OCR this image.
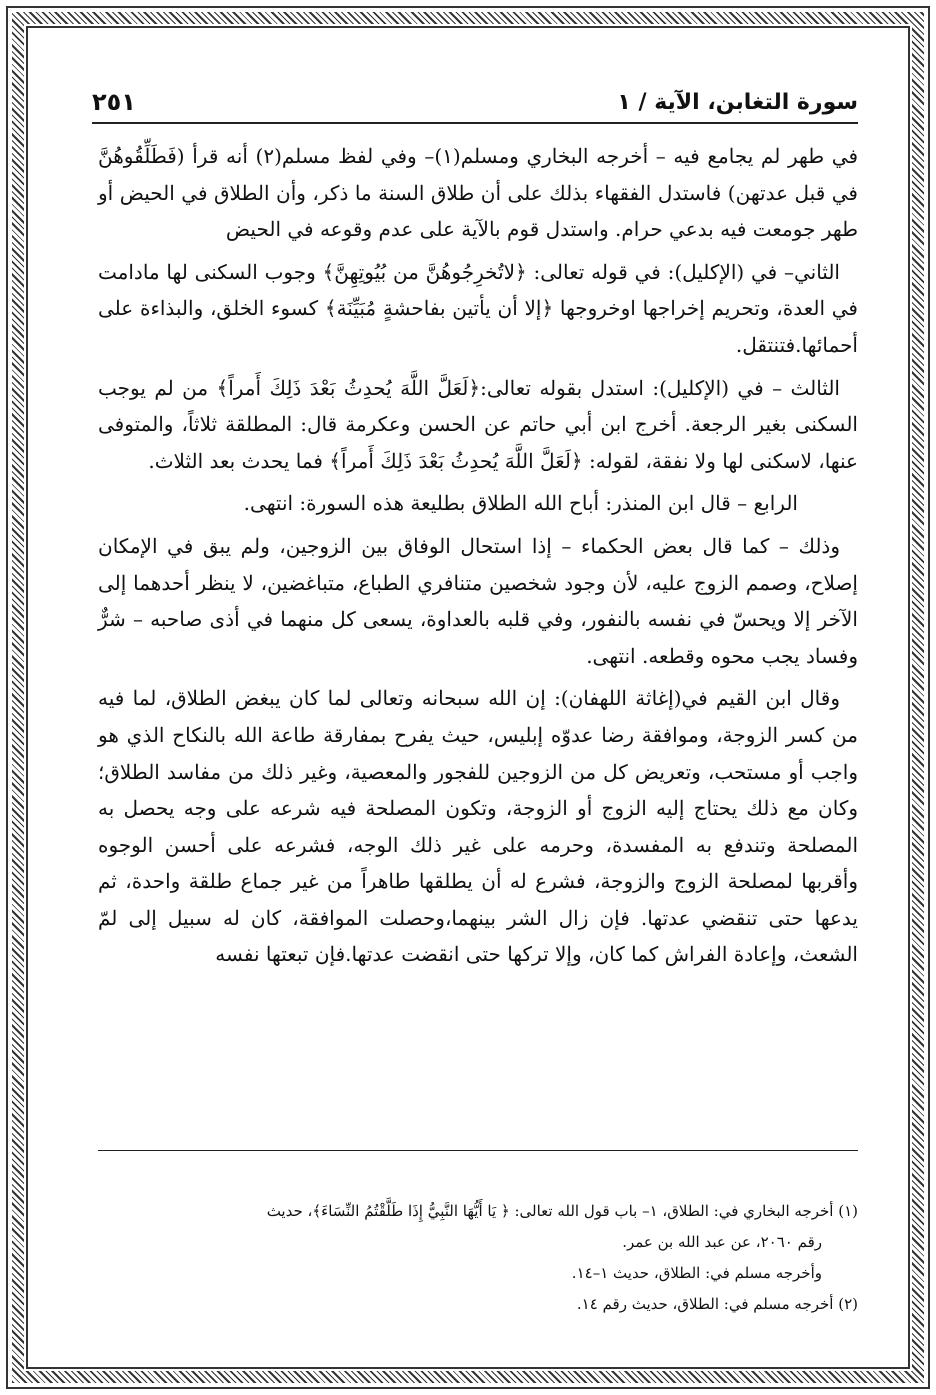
سورة التغابن، الآية / ١
٢٥١

في طهر لم يجامع فيه – أخرجه البخاري ومسلم(١)– وفي لفظ مسلم(٢) أنه قرأ (فَطَلِّقُوهُنَّ في قبل عدتهن) فاستدل الفقهاء بذلك على أن طلاق السنة ما ذكر، وأن الطلاق في الحيض أو طهر جومعت فيه بدعي حرام. واستدل قوم بالآية على عدم وقوعه في الحيض

الثاني– في (الإكليل): في قوله تعالى: ﴿لاتُخرِجُوهُنَّ من بُيُوتِهِنَّ﴾ وجوب السكنى لها مادامت في العدة، وتحريم إخراجها اوخروجها ﴿إلا أن يأتين بفاحشةٍ مُبَيِّنَة﴾ كسوء الخلق، والبذاءة على أحمائها.فتنتقل.

الثالث – في (الإكليل): استدل بقوله تعالى:﴿لَعَلَّ اللَّهَ يُحدِثُ بَعْدَ ذَلِكَ أَمراً﴾ من لم يوجب السكنى بغير الرجعة. أخرج ابن أبي حاتم عن الحسن وعكرمة قال: المطلقة ثلاثاً، والمتوفى عنها، لاسكنى لها ولا نفقة، لقوله: ﴿لَعَلَّ اللَّهَ يُحدِثُ بَعْدَ ذَلِكَ أَمراً﴾ فما يحدث بعد الثلاث.

الرابع – قال ابن المنذر: أباح الله الطلاق بطليعة هذه السورة: انتهى.

وذلك – كما قال بعض الحكماء – إذا استحال الوفاق بين الزوجين، ولم يبق في الإمكان إصلاح، وصمم الزوج عليه، لأن وجود شخصين متنافري الطباع، متباغضين، لا ينظر أحدهما إلى الآخر إلا ويحسّ في نفسه بالنفور، وفي قلبه بالعداوة، يسعى كل منهما في أذى صاحبه – شرٌّ وفساد يجب محوه وقطعه. انتهى.

وقال ابن القيم في(إغاثة اللهفان): إن الله سبحانه وتعالى لما كان يبغض الطلاق، لما فيه من كسر الزوجة، وموافقة رضا عدوّه إبليس، حيث يفرح بمفارقة طاعة الله بالنكاح الذي هو واجب أو مستحب، وتعريض كل من الزوجين للفجور والمعصية، وغير ذلك من مفاسد الطلاق؛ وكان مع ذلك يحتاج إليه الزوج أو الزوجة، وتكون المصلحة فيه شرعه على وجه يحصل به المصلحة وتندفع به المفسدة، وحرمه على غير ذلك الوجه، فشرعه على أحسن الوجوه وأقربها لمصلحة الزوج والزوجة، فشرع له أن يطلقها طاهراً من غير جماع طلقة واحدة، ثم يدعها حتى تنقضي عدتها. فإن زال الشر بينهما،وحصلت الموافقة، كان له سبيل إلى لمّ الشعث، وإعادة الفراش كما كان، وإلا تركها حتى انقضت عدتها.فإن تبعتها نفسه

(١) أخرجه البخاري في: الطلاق، ١– باب قول الله تعالى: ﴿ يَا أَيُّهَا النَّبِيُّ إِذَا طَلَّقْتُمُ النِّسَاءَ﴾، حديث

رقم ٢٠٦٠، عن عبد الله بن عمر.

وأخرجه مسلم في: الطلاق، حديث ١–١٤.

(٢) أخرجه مسلم في: الطلاق، حديث رقم ١٤.
